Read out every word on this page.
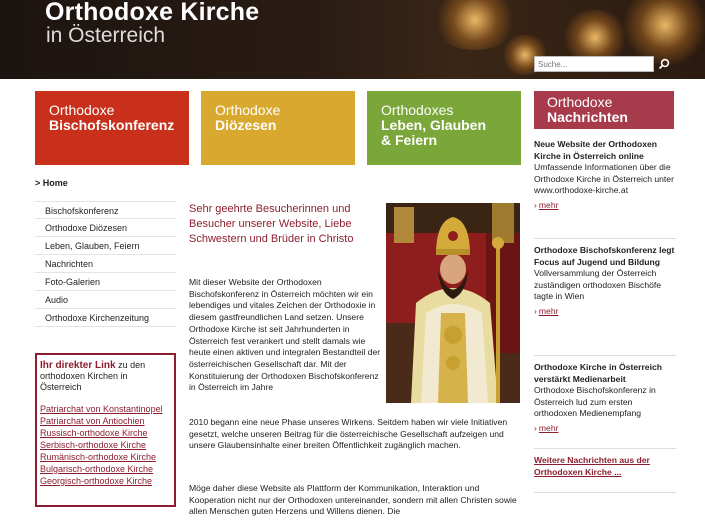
Orthodoxe Kirche
in Österreich
Suche...
Orthodoxe
Bischofskonferenz
Orthodoxe
Diözesen
Orthodoxes
Leben, Glauben
& Feiern
Orthodoxe
Nachrichten
> Home
Bischofskonferenz
Orthodoxe Diözesen
Leben, Glauben, Feiern
Nachrichten
Foto-Galerien
Audio
Orthodoxe Kirchenzeitung
Ihr direkter Link zu den orthodoxen Kirchen in Österreich
Patriarchat von Konstantinopel
Patriarchat von Antiochien
Russisch-orthodoxe Kirche
Serbisch-orthodoxe Kirche
Rumänisch-orthodoxe Kirche
Bulgarisch-orthodoxe Kirche
Georgisch-orthodoxe Kirche
Sehr geehrte Besucherinnen und Besucher unserer Website, Liebe Schwestern und Brüder in Christo
Mit dieser Website der Orthodoxen Bischofskonferenz in Österreich möchten wir ein lebendiges und vitales Zeichen der Orthodoxie in diesem gastfreundlichen Land setzen. Unsere Orthodoxe Kirche ist seit Jahrhunderten in Österreich fest verankert und stellt damals wie heute einen aktiven und integralen Bestandteil der österreichischen Gesellschaft dar. Mit der Konstituierung der Orthodoxen Bischofskonferenz in Österreich im Jahre
2010 begann eine neue Phase unseres Wirkens. Seitdem haben wir viele Initiativen gesetzt, welche unseren Beitrag für die österreichische Gesellschaft aufzeigen und unsere Glaubensinhalte einer breiten Öffentlichkeit zugänglich machen.
Möge daher diese Website als Plattform der Kommunikation, Interaktion und Kooperation nicht nur der Orthodoxen untereinander, sondern mit allen Christen sowie allen Menschen guten Herzens und Willens dienen. Die
Neue Website der Orthodoxen Kirche in Österreich online
Umfassende Informationen über die Orthodoxe Kirche in Österreich unter www.orthodoxe-kirche.at
› mehr
Orthodoxe Bischofskonferenz legt Focus auf Jugend und Bildung
Vollversammlung der Österreich zuständigen orthodoxen Bischöfe tagte in Wien
› mehr
Orthodoxe Kirche in Österreich verstärkt Medienarbeit
Orthodoxe Bischofskonferenz in Österreich lud zum ersten orthodoxen Medienempfang
› mehr
Weitere Nachrichten aus der Orthodoxen Kirche ...
